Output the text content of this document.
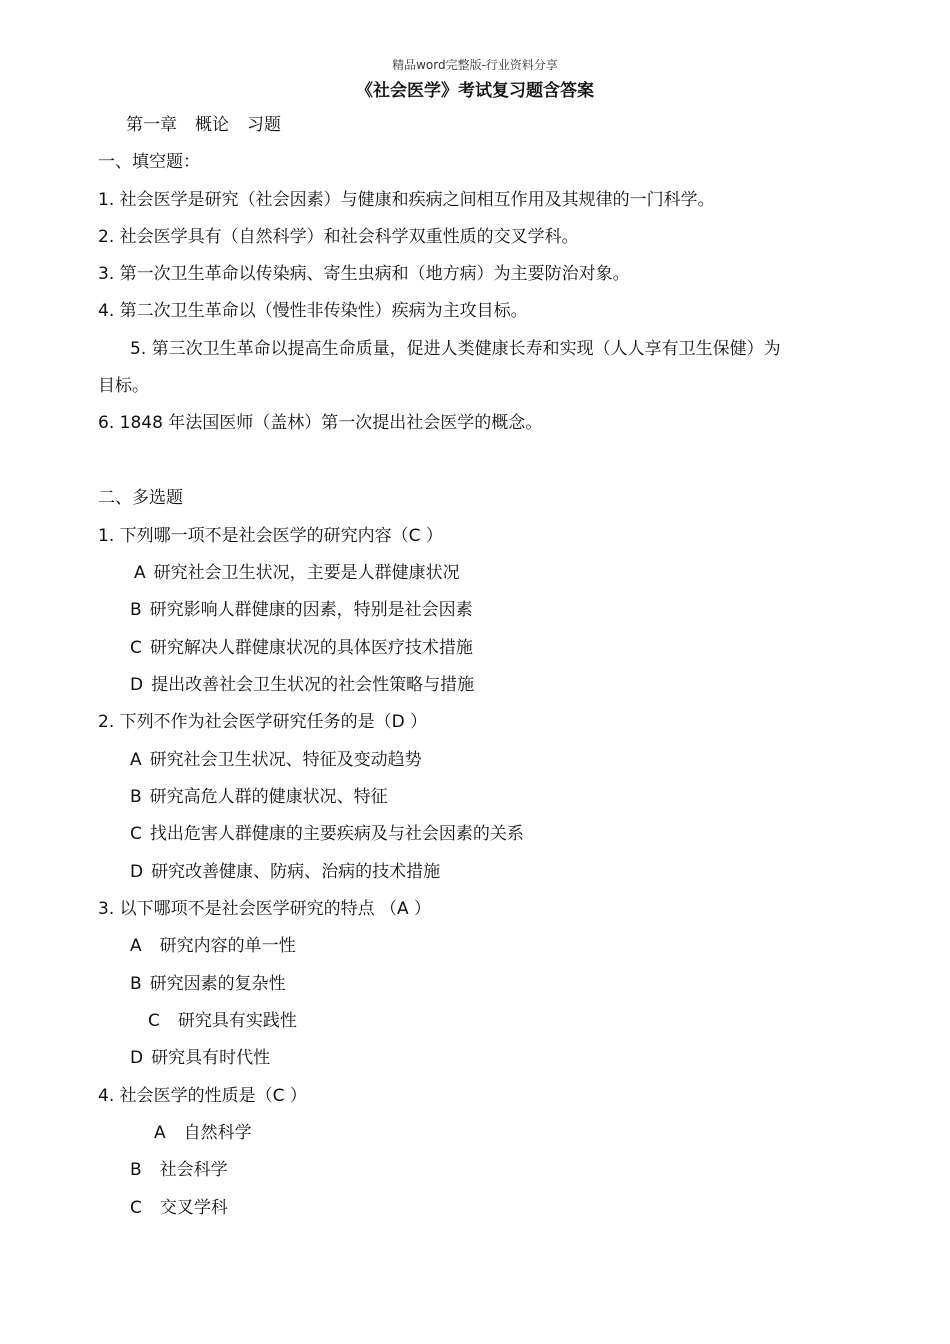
精品word完整版-行业资料分享
《社会医学》考试复习题含答案
第一章 概论 习题
一、填空题：
1. 社会医学是研究（社会因素）与健康和疾病之间相互作用及其规律的一门科学。
2. 社会医学具有（自然科学）和社会科学双重性质的交叉学科。
3. 第一次卫生革命以传染病、寄生虫病和（地方病）为主要防治对象。
4. 第二次卫生革命以（慢性非传染性）疾病为主攻目标。
5. 第三次卫生革命以提高生命质量，促进人类健康长寿和实现（人人享有卫生保健）为
目标。
6. 1848 年法国医师（盖林）第一次提出社会医学的概念。
二、多选题
1. 下列哪一项不是社会医学的研究内容（C ）
A 研究社会卫生状况，主要是人群健康状况
B 研究影响人群健康的因素，特别是社会因素
C 研究解决人群健康状况的具体医疗技术措施
D 提出改善社会卫生状况的社会性策略与措施
2. 下列不作为社会医学研究任务的是（D ）
A 研究社会卫生状况、特征及变动趋势
B 研究高危人群的健康状况、特征
C 找出危害人群健康的主要疾病及与社会因素的关系
D 研究改善健康、防病、治病的技术措施
3. 以下哪项不是社会医学研究的特点 （A ）
A 研究内容的单一性
B 研究因素的复杂性
C 研究具有实践性
D 研究具有时代性
4. 社会医学的性质是（C ）
A 自然科学
B 社会科学
C 交叉学科
